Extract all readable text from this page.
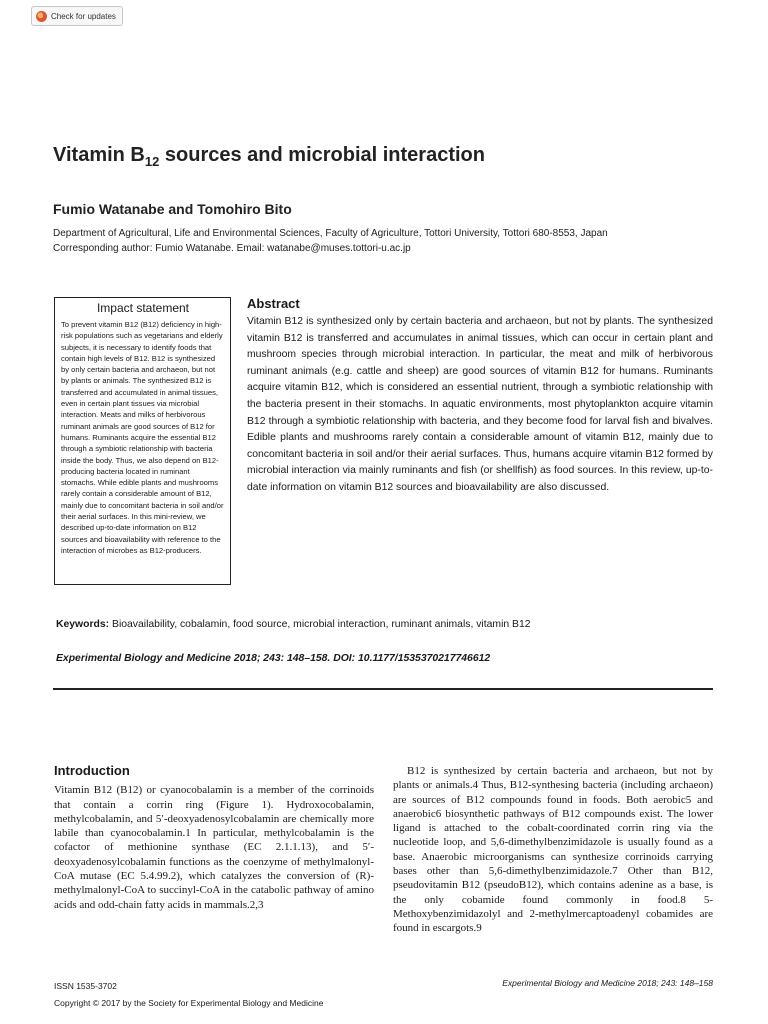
Check for updates
Vitamin $B_{12}$ sources and microbial interaction

Fumio Watanabe and Tomohiro Bito

Department of Agricultural, Life and Environmental Sciences, Faculty of Agriculture, Tottori University, Tottori 680-8553, Japan
Corresponding author: Fumio Watanabe. Email: watanabe@muses.tottori-u.ac.jp
Impact statement
To prevent vitamin B12 (B12) deficiency in high-risk populations such as vegetarians and elderly subjects, it is necessary to identify foods that contain high levels of B12. B12 is synthesized by only certain bacteria and archaeon, but not by plants or animals. The synthesized B12 is transferred and accumulated in animal tissues, even in certain plant tissues via microbial interaction. Meats and milks of herbivorous ruminant animals are good sources of B12 for humans. Ruminants acquire the essential B12 through a symbiotic relationship with bacteria inside the body. Thus, we also depend on B12-producing bacteria located in ruminant stomachs. While edible plants and mushrooms rarely contain a considerable amount of B12, mainly due to concomitant bacteria in soil and/or their aerial surfaces. In this mini-review, we described up-to-date information on B12 sources and bioavailability with reference to the interaction of microbes as B12-producers.
Abstract

Vitamin B12 is synthesized only by certain bacteria and archaeon, but not by plants. The synthesized vitamin B12 is transferred and accumulates in animal tissues, which can occur in certain plant and mushroom species through microbial interaction. In particular, the meat and milk of herbivorous ruminant animals (e.g. cattle and sheep) are good sources of vitamin B12 for humans. Ruminants acquire vitamin B12, which is considered an essential nutrient, through a symbiotic relationship with the bacteria present in their stomachs. In aquatic environments, most phytoplankton acquire vitamin B12 through a symbiotic relationship with bacteria, and they become food for larval fish and bivalves. Edible plants and mushrooms rarely contain a considerable amount of vitamin B12, mainly due to concomitant bacteria in soil and/or their aerial surfaces. Thus, humans acquire vitamin B12 formed by microbial interaction via mainly ruminants and fish (or shellfish) as food sources. In this review, up-to-date information on vitamin B12 sources and bioavailability are also discussed.

Keywords: Bioavailability, cobalamin, food source, microbial interaction, ruminant animals, vitamin B12
Experimental Biology and Medicine 2018; 243: 148–158. DOI: 10.1177/1535370217746612
Introduction

Vitamin B12 (B12) or cyanocobalamin is a member of the corrinoids that contain a corrin ring (Figure 1). Hydroxocobalamin, methylcobalamin, and 5′-deoxyadenosylcobalamin are chemically more labile than cyanocobalamin.1 In particular, methylcobalamin is the cofactor of methionine synthase (EC 2.1.1.13), and 5′-deoxyadenosylcobalamin functions as the coenzyme of methylmalonyl-CoA mutase (EC 5.4.99.2), which catalyzes the conversion of (R)-methylmalonyl-CoA to succinyl-CoA in the catabolic pathway of amino acids and odd-chain fatty acids in mammals.2,3

B12 is synthesized by certain bacteria and archaeon, but not by plants or animals.4 Thus, B12-synthesing bacteria (including archaeon) are sources of B12 compounds found in foods. Both aerobic5 and anaerobic6 biosynthetic pathways of B12 compounds exist. The lower ligand is attached to the cobalt-coordinated corrin ring via the nucleotide loop, and 5,6-dimethylbenzimidazole is usually found as a base. Anaerobic microorganisms can synthesize corrinoids carrying bases other than 5,6-dimethylbenzimidazole.7 Other than B12, pseudovitamin B12 (pseudoB12), which contains adenine as a base, is the only cobamide found commonly in food.8 5-Methoxybenzimidazolyl and 2-methylmercaptoadenyl cobamides are found in escargots.9

ISSN 1535-3702
Copyright © 2017 by the Society for Experimental Biology and Medicine
Experimental Biology and Medicine 2018; 243: 148–158
